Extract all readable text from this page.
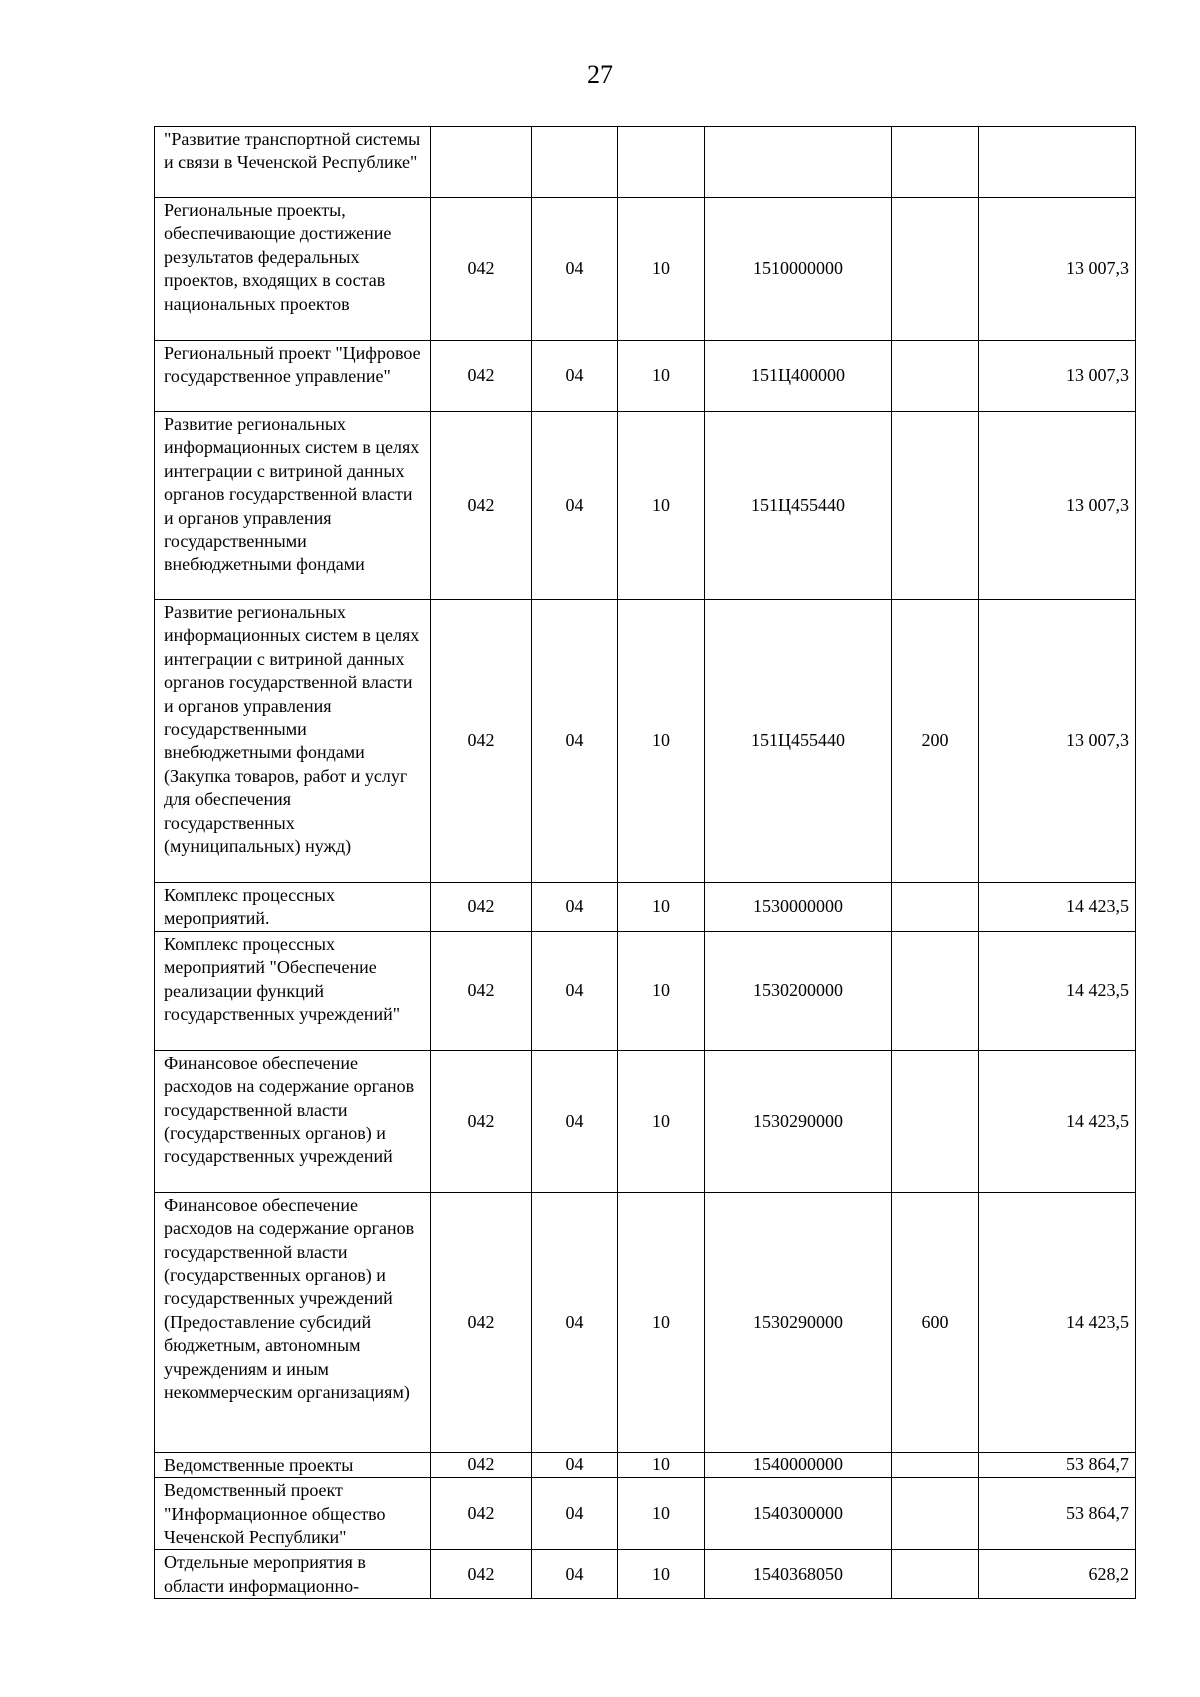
27
"Развитие транспортной системы и связи в Чеченской Республике"						
Региональные проекты, обеспечивающие достижение результатов федеральных проектов, входящих в состав национальных проектов	042	04	10	1510000000		13 007,3
Региональный проект "Цифровое государственное управление"	042	04	10	151Ц400000		13 007,3
Развитие региональных информационных систем в целях интеграции с витриной данных органов государственной власти и органов управления государственными внебюджетными фондами	042	04	10	151Ц455440		13 007,3
Развитие региональных информационных систем в целях интеграции с витриной данных органов государственной власти и органов управления государственными внебюджетными фондами (Закупка товаров, работ и услуг для обеспечения государственных (муниципальных) нужд)	042	04	10	151Ц455440	200	13 007,3
Комплекс процессных мероприятий.	042	04	10	1530000000		14 423,5
Комплекс процессных мероприятий "Обеспечение реализации функций государственных учреждений"	042	04	10	1530200000		14 423,5
Финансовое обеспечение расходов на содержание органов государственной власти (государственных органов) и государственных учреждений	042	04	10	1530290000		14 423,5
Финансовое обеспечение расходов на содержание органов государственной власти (государственных органов) и государственных учреждений (Предоставление субсидий бюджетным, автономным учреждениям и иным некоммерческим организациям)	042	04	10	1530290000	600	14 423,5
Ведомственные проекты	042	04	10	1540000000		53 864,7
Ведомственный проект "Информационное общество Чеченской Республики"	042	04	10	1540300000		53 864,7
Отдельные мероприятия в области информационно-	042	04	10	1540368050		628,2
